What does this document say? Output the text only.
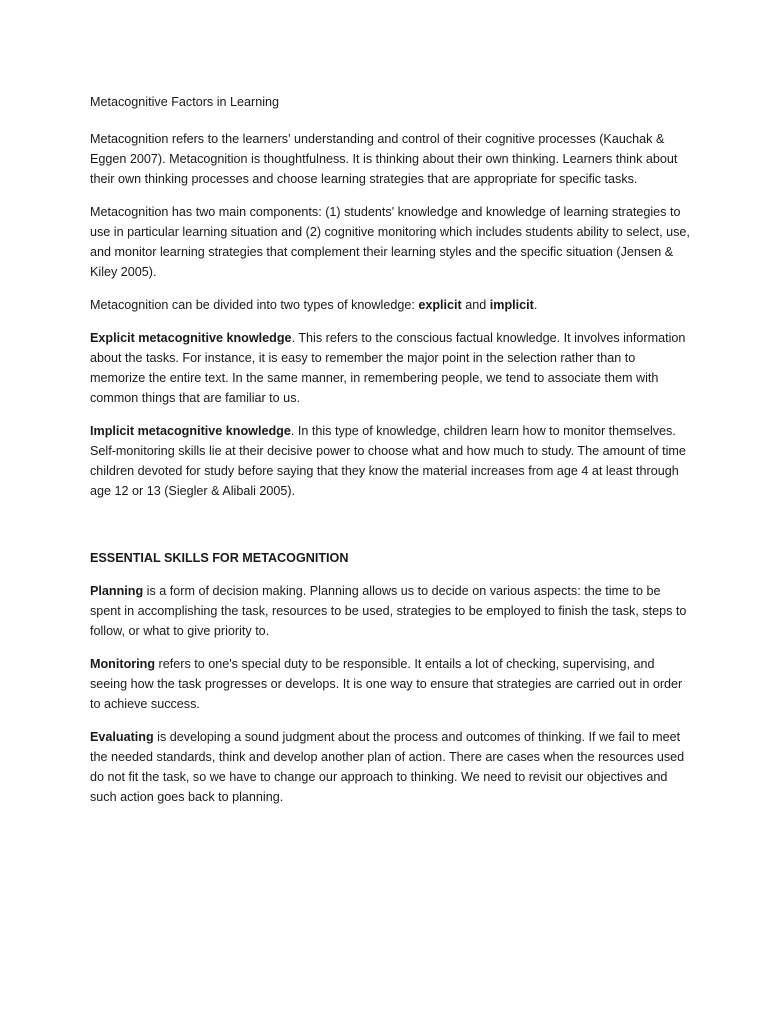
Metacognitive Factors in Learning

Metacognition refers to the learners' understanding and control of their cognitive processes (Kauchak & Eggen 2007). Metacognition is thoughtfulness. It is thinking about their own thinking. Learners think about their own thinking processes and choose learning strategies that are appropriate for specific tasks.

Metacognition has two main components: (1) students' knowledge and knowledge of learning strategies to use in particular learning situation and (2) cognitive monitoring which includes students ability to select, use, and monitor learning strategies that complement their learning styles and the specific situation (Jensen & Kiley 2005).

Metacognition can be divided into two types of knowledge: explicit and implicit.

Explicit metacognitive knowledge. This refers to the conscious factual knowledge. It involves information about the tasks. For instance, it is easy to remember the major point in the selection rather than to memorize the entire text. In the same manner, in remembering people, we tend to associate them with common things that are familiar to us.

Implicit metacognitive knowledge. In this type of knowledge, children learn how to monitor themselves. Self-monitoring skills lie at their decisive power to choose what and how much to study. The amount of time children devoted for study before saying that they know the material increases from age 4 at least through age 12 or 13 (Siegler & Alibali 2005).

ESSENTIAL SKILLS FOR METACOGNITION

Planning is a form of decision making. Planning allows us to decide on various aspects: the time to be spent in accomplishing the task, resources to be used, strategies to be employed to finish the task, steps to follow, or what to give priority to.

Monitoring refers to one's special duty to be responsible. It entails a lot of checking, supervising, and seeing how the task progresses or develops. It is one way to ensure that strategies are carried out in order to achieve success.

Evaluating is developing a sound judgment about the process and outcomes of thinking. If we fail to meet the needed standards, think and develop another plan of action. There are cases when the resources used do not fit the task, so we have to change our approach to thinking. We need to revisit our objectives and such action goes back to planning.
